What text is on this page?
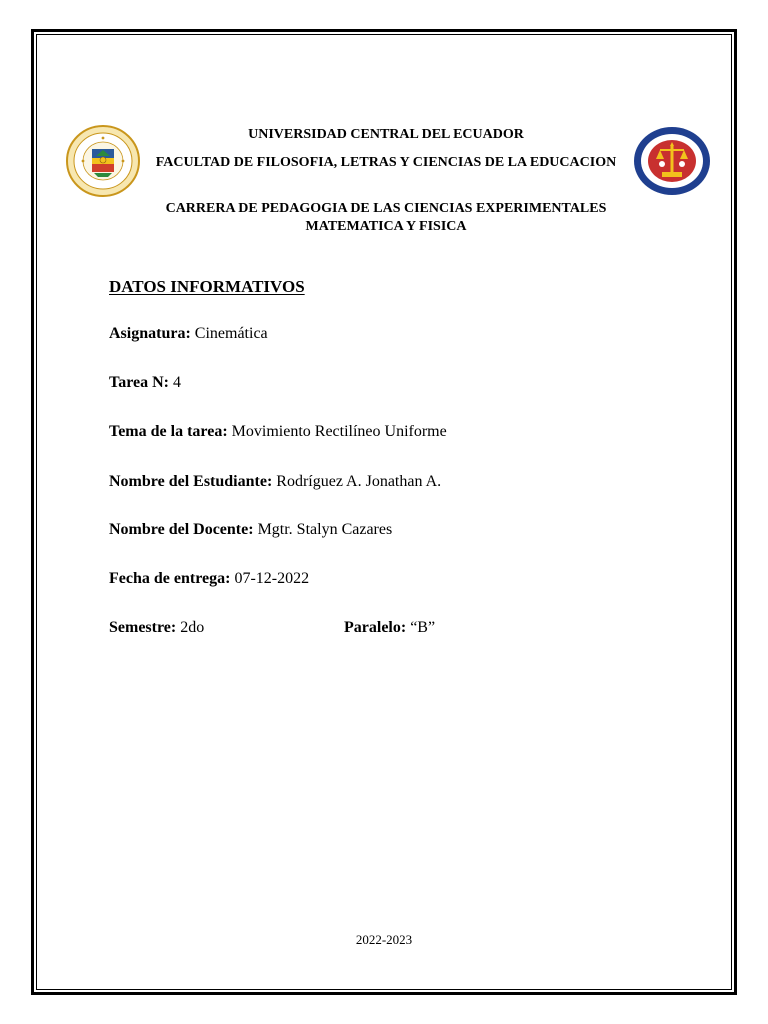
UNIVERSIDAD CENTRAL DEL ECUADOR
FACULTAD DE FILOSOFIA, LETRAS Y CIENCIAS DE LA EDUCACION
CARRERA DE PEDAGOGIA DE LAS CIENCIAS EXPERIMENTALES MATEMATICA Y FISICA
DATOS INFORMATIVOS
Asignatura: Cinemática
Tarea N: 4
Tema de la tarea: Movimiento Rectilíneo Uniforme
Nombre del Estudiante: Rodríguez A. Jonathan A.
Nombre del Docente: Mgtr. Stalyn Cazares
Fecha de entrega: 07-12-2022
Semestre: 2do	Paralelo: “B”
2022-2023
